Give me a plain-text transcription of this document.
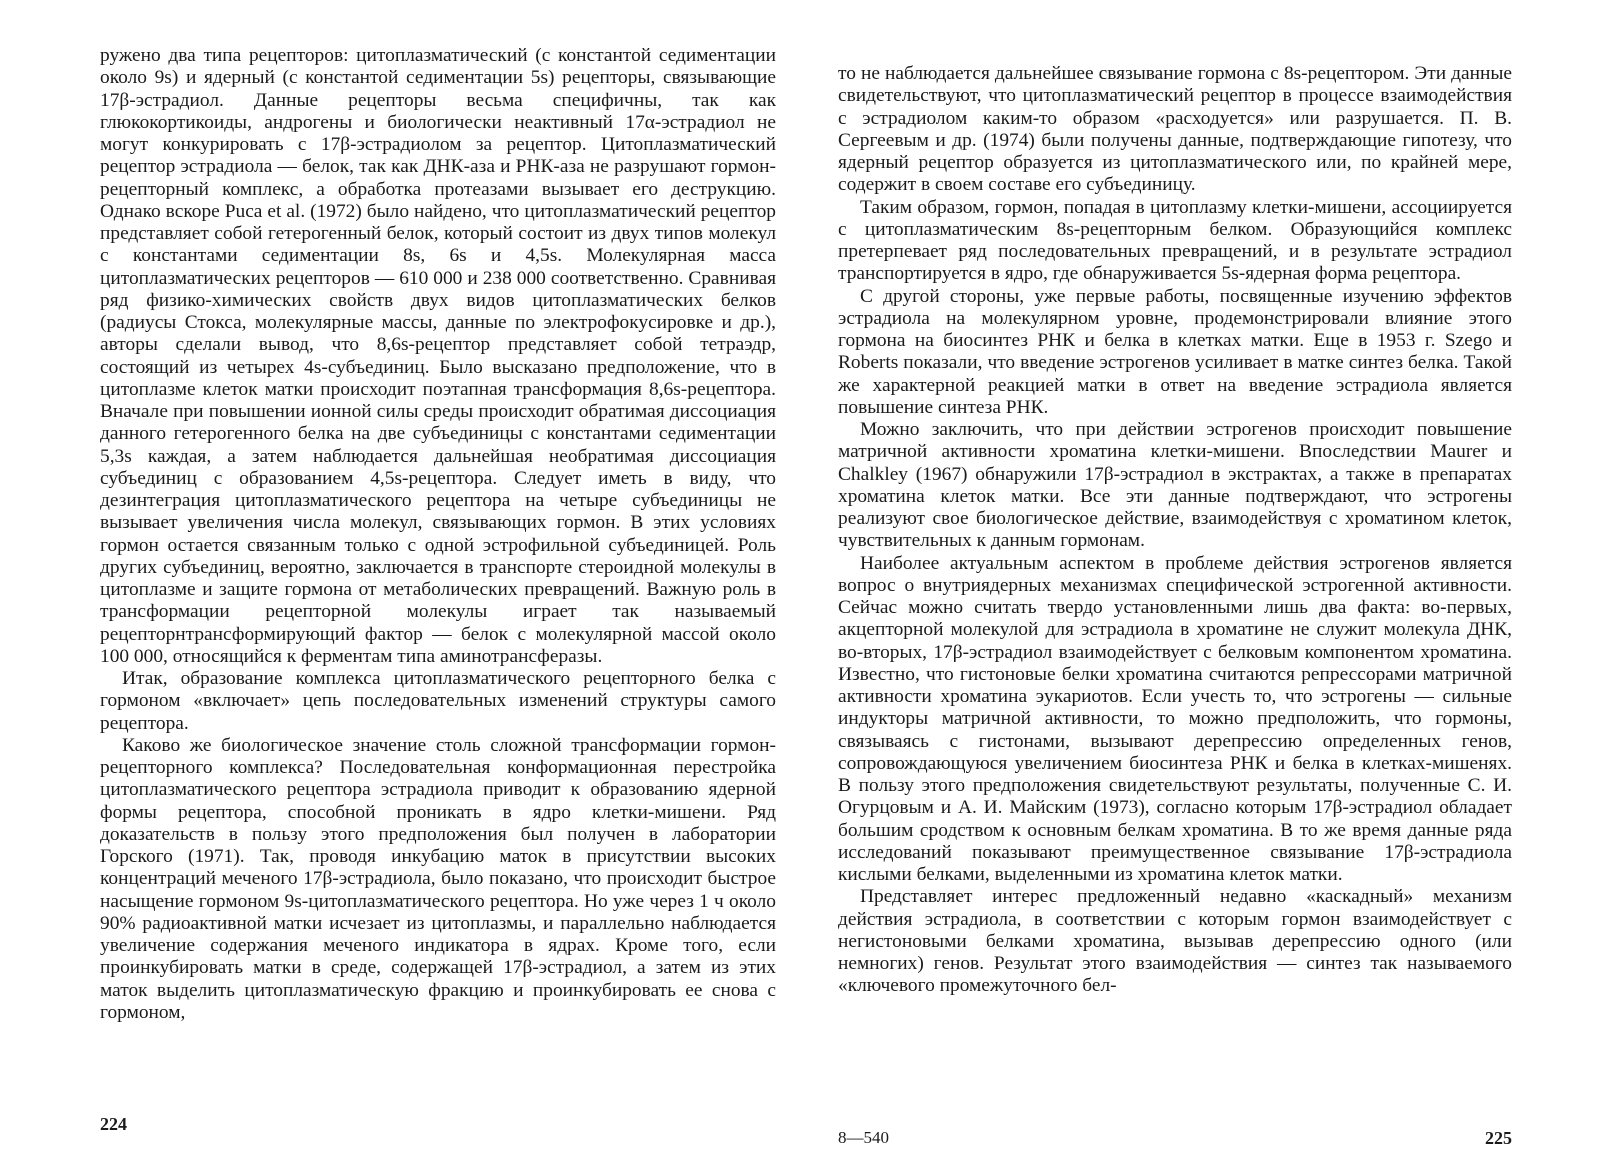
ружено два типа рецепторов: цитоплазматический (с константой седиментации около 9s) и ядерный (с константой седиментации 5s) рецепторы, связывающие 17β-эстрадиол. Данные рецепторы весьма специфичны, так как глюкокортикоиды, андрогены и биологически неактивный 17α-эстрадиол не могут конкурировать с 17β-эстрадиолом за рецептор. Цитоплазматический рецептор эстрадиола — белок, так как ДНК-аза и РНК-аза не разрушают гормон-рецепторный комплекс, а обработка протеазами вызывает его деструкцию. Однако вскоре Puca et al. (1972) было найдено, что цитоплазматический рецептор представляет собой гетерогенный белок, который состоит из двух типов молекул с константами седиментации 8s, 6s и 4,5s. Молекулярная масса цитоплазматических рецепторов — 610 000 и 238 000 соответственно. Сравнивая ряд физико-химических свойств двух видов цитоплазматических белков (радиусы Стокса, молекулярные массы, данные по электрофокусировке и др.), авторы сделали вывод, что 8,6s-рецептор представляет собой тетраэдр, состоящий из четырех 4s-субъединиц. Было высказано предположение, что в цитоплазме клеток матки происходит поэтапная трансформация 8,6s-рецептора. Вначале при повышении ионной силы среды происходит обратимая диссоциация данного гетерогенного белка на две субъединицы с константами седиментации 5,3s каждая, а затем наблюдается дальнейшая необратимая диссоциация субъединиц с образованием 4,5s-рецептора. Следует иметь в виду, что дезинтеграция цитоплазматического рецептора на четыре субъединицы не вызывает увеличения числа молекул, связывающих гормон. В этих условиях гормон остается связанным только с одной эстрофильной субъединицей. Роль других субъединиц, вероятно, заключается в транспорте стероидной молекулы в цитоплазме и защите гормона от метаболических превращений. Важную роль в трансформации рецепторной молекулы играет так называемый рецепторнтрансформирующий фактор — белок с молекулярной массой около 100 000, относящийся к ферментам типа аминотрансферазы.

Итак, образование комплекса цитоплазматического рецепторного белка с гормоном «включает» цепь последовательных изменений структуры самого рецептора.

Каково же биологическое значение столь сложной трансформации гормон-рецепторного комплекса? Последовательная конформационная перестройка цитоплазматического рецептора эстрадиола приводит к образованию ядерной формы рецептора, способной проникать в ядро клетки-мишени. Ряд доказательств в пользу этого предположения был получен в лаборатории Горского (1971). Так, проводя инкубацию маток в присутствии высоких концентраций меченого 17β-эстрадиола, было показано, что происходит быстрое насыщение гормоном 9s-цитоплазматического рецептора. Но уже через 1 ч около 90% радиоактивной матки исчезает из цитоплазмы, и параллельно наблюдается увеличение содержания меченого индикатора в ядрах. Кроме того, если проинкубировать матки в среде, содержащей 17β-эстрадиол, а затем из этих маток выделить цитоплазматическую фракцию и проинкубировать ее снова с гормоном,

224

то не наблюдается дальнейшее связывание гормона с 8s-рецептором. Эти данные свидетельствуют, что цитоплазматический рецептор в процессе взаимодействия с эстрадиолом каким-то образом «расходуется» или разрушается. П. В. Сергеевым и др. (1974) были получены данные, подтверждающие гипотезу, что ядерный рецептор образуется из цитоплазматического или, по крайней мере, содержит в своем составе его субъединицу.

Таким образом, гормон, попадая в цитоплазму клетки-мишени, ассоциируется с цитоплазматическим 8s-рецепторным белком. Образующийся комплекс претерпевает ряд последовательных превращений, и в результате эстрадиол транспортируется в ядро, где обнаруживается 5s-ядерная форма рецептора.

С другой стороны, уже первые работы, посвященные изучению эффектов эстрадиола на молекулярном уровне, продемонстрировали влияние этого гормона на биосинтез РНК и белка в клетках матки. Еще в 1953 г. Szego и Roberts показали, что введение эстрогенов усиливает в матке синтез белка. Такой же характерной реакцией матки в ответ на введение эстрадиола является повышение синтеза РНК.

Можно заключить, что при действии эстрогенов происходит повышение матричной активности хроматина клетки-мишени. Впоследствии Maurer и Chalkley (1967) обнаружили 17β-эстрадиол в экстрактах, а также в препаратах хроматина клеток матки. Все эти данные подтверждают, что эстрогены реализуют свое биологическое действие, взаимодействуя с хроматином клеток, чувствительных к данным гормонам.

Наиболее актуальным аспектом в проблеме действия эстрогенов является вопрос о внутриядерных механизмах специфической эстрогенной активности. Сейчас можно считать твердо установленными лишь два факта: во-первых, акцепторной молекулой для эстрадиола в хроматине не служит молекула ДНК, во-вторых, 17β-эстрадиол взаимодействует с белковым компонентом хроматина. Известно, что гистоновые белки хроматина считаются репрессорами матричной активности хроматина эукариотов. Если учесть то, что эстрогены — сильные индукторы матричной активности, то можно предположить, что гормоны, связываясь с гистонами, вызывают дерепрессию определенных генов, сопровождающуюся увеличением биосинтеза РНК и белка в клетках-мишенях. В пользу этого предположения свидетельствуют результаты, полученные С. И. Огурцовым и А. И. Майским (1973), согласно которым 17β-эстрадиол обладает большим сродством к основным белкам хроматина. В то же время данные ряда исследований показывают преимущественное связывание 17β-эстрадиола кислыми белками, выделенными из хроматина клеток матки.

Представляет интерес предложенный недавно «каскадный» механизм действия эстрадиола, в соответствии с которым гормон взаимодействует с негистоновыми белками хроматина, вызывав дерепрессию одного (или немногих) генов. Результат этого взаимодействия — синтез так называемого «ключевого промежуточного бел-

8—540	225
